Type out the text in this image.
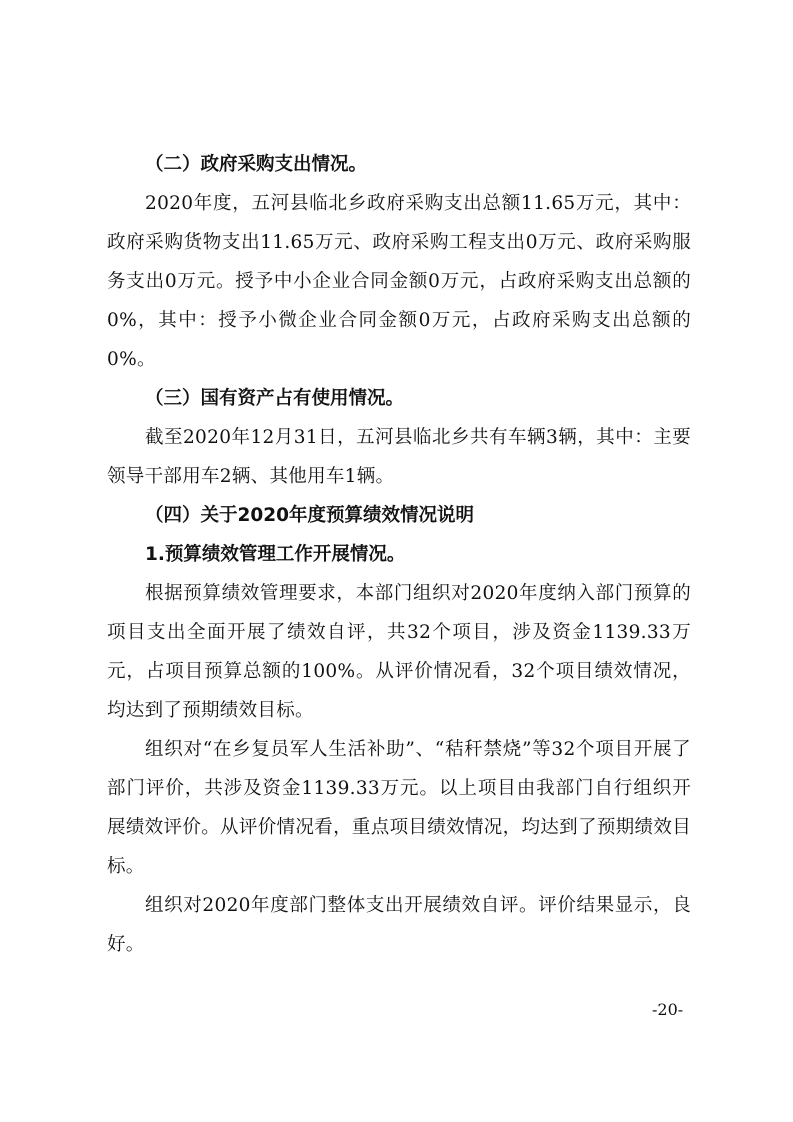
（二）政府采购支出情况。

2020年度，五河县临北乡政府采购支出总额11.65万元，其中：政府采购货物支出11.65万元、政府采购工程支出0万元、政府采购服务支出0万元。授予中小企业合同金额0万元，占政府采购支出总额的0%，其中：授予小微企业合同金额0万元，占政府采购支出总额的0%。

（三）国有资产占有使用情况。

截至2020年12月31日，五河县临北乡共有车辆3辆，其中：主要领导干部用车2辆、其他用车1辆。

（四）关于2020年度预算绩效情况说明

1.预算绩效管理工作开展情况。

根据预算绩效管理要求，本部门组织对2020年度纳入部门预算的项目支出全面开展了绩效自评，共32个项目，涉及资金1139.33万元，占项目预算总额的100%。从评价情况看，32个项目绩效情况，均达到了预期绩效目标。

组织对“在乡复员军人生活补助”、“秸秆禁烧”等32个项目开展了部门评价，共涉及资金1139.33万元。以上项目由我部门自行组织开展绩效评价。从评价情况看，重点项目绩效情况，均达到了预期绩效目标。

组织对2020年度部门整体支出开展绩效自评。评价结果显示，良好。

-20-
